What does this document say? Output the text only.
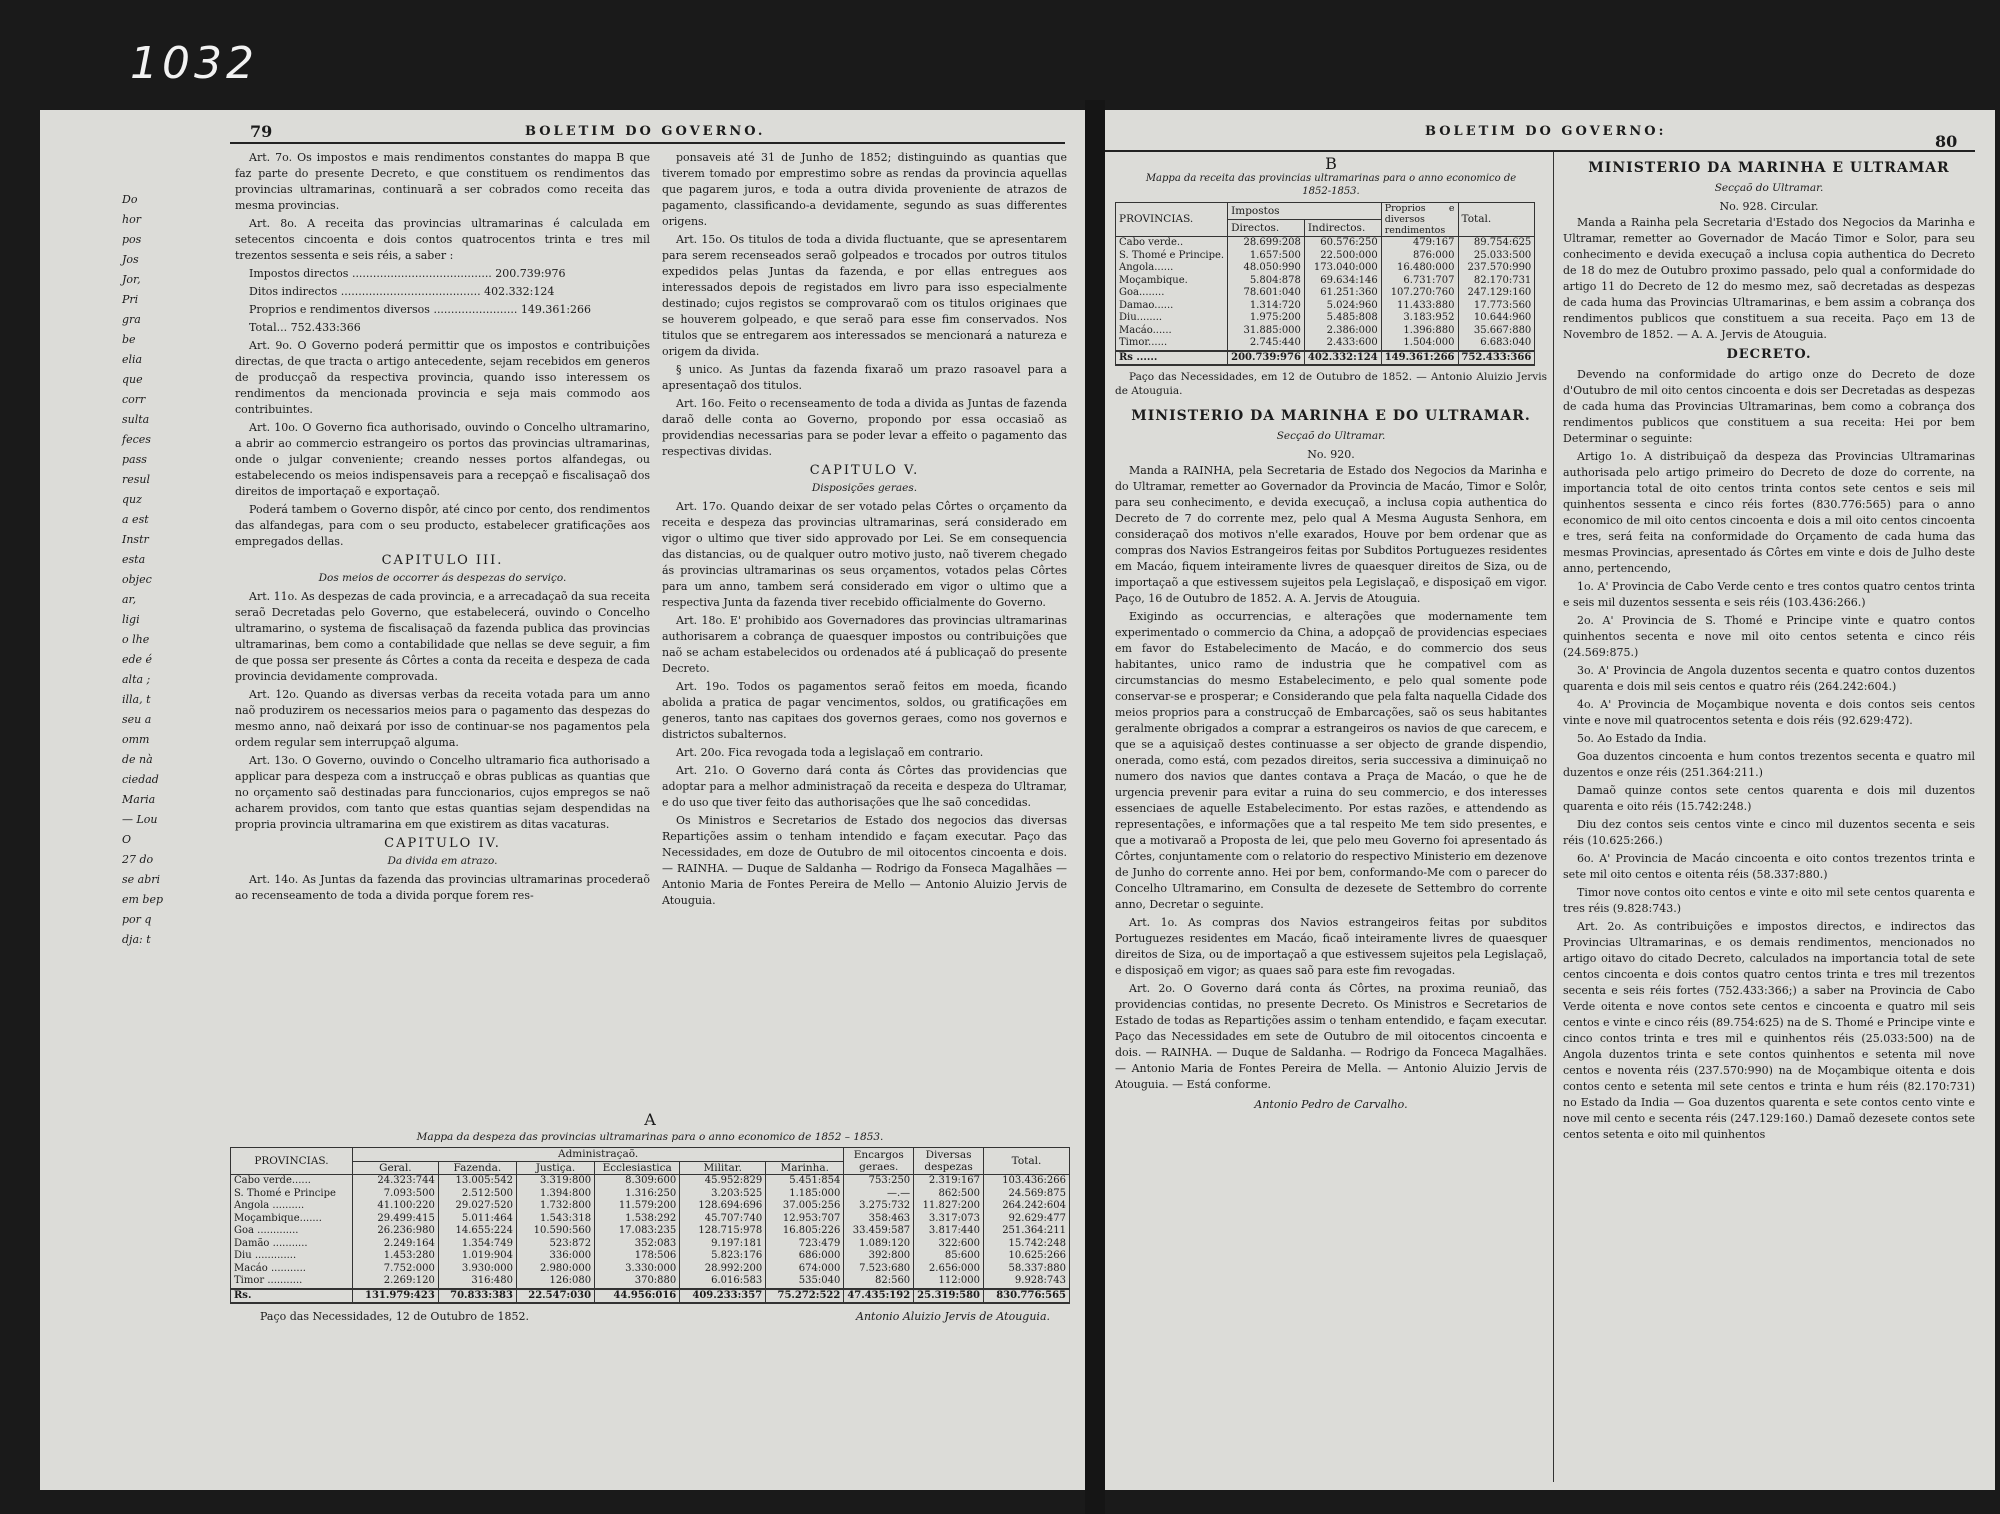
1032
79	BOLETIM DO GOVERNO.
Do
hor
pos
Jos
Jor,
Pri
gra
be
elia
que
corr
sulta
feces
pass
resul
quz
a est
Instr
esta
objec
ar,
ligi
o lhe
ede é
alta ;
illa, t
seu a
omm
de nà
ciedad
Maria
— Lou
O
27 do
se abri
em bep
por q
dja: t

Art. 7o. Os impostos e mais rendimentos constantes do mappa B que faz parte do presente Decreto, e que constituem os rendimentos das provincias ultramarinas, continuarã a ser cobrados como receita das mesma provincias.

Art. 8o. A receita das provincias ultramarinas é calculada em setecentos cincoenta e dois contos quatrocentos trinta e tres mil trezentos sessenta e seis réis, a saber :

Impostos directos ........................................ 200.739:976

Ditos indirectos ........................................ 402.332:124

Proprios e rendimentos diversos ........................ 149.361:266

Total... 752.433:366

Art. 9o. O Governo poderá permittir que os impostos e contribuições directas, de que tracta o artigo antecedente, sejam recebidos em generos de producçaõ da respectiva provincia, quando isso interessem os rendimentos da mencionada provincia e seja mais commodo aos contribuintes.

Art. 10o. O Governo fica authorisado, ouvindo o Concelho ultramarino, a abrir ao commercio estrangeiro os portos das provincias ultramarinas, onde o julgar conveniente; creando nesses portos alfandegas, ou estabelecendo os meios indispensaveis para a recepçaõ e fiscalisaçaõ dos direitos de importaçaõ e exportaçaõ.

Poderá tambem o Governo dispôr, até cinco por cento, dos rendimentos das alfandegas, para com o seu producto, estabelecer gratificações aos empregados dellas.

CAPITULO III.
Dos meios de occorrer ás despezas do serviço.

Art. 11o. As despezas de cada provincia, e a arrecadaçaõ da sua receita seraõ Decretadas pelo Governo, que estabelecerá, ouvindo o Concelho ultramarino, o systema de fiscalisaçaõ da fazenda publica das provincias ultramarinas, bem como a contabilidade que nellas se deve seguir, a fim de que possa ser presente ás Côrtes a conta da receita e despeza de cada provincia devidamente comprovada.

Art. 12o. Quando as diversas verbas da receita votada para um anno naõ produzirem os necessarios meios para o pagamento das despezas do mesmo anno, naõ deixará por isso de continuar-se nos pagamentos pela ordem regular sem interrupçaõ alguma.

Art. 13o. O Governo, ouvindo o Concelho ultramario fica authorisado a applicar para despeza com a instrucçaõ e obras publicas as quantias que no orçamento saõ destinadas para funccionarios, cujos empregos se naõ acharem providos, com tanto que estas quantias sejam despendidas na propria provincia ultramarina em que existirem as ditas vacaturas.

CAPITULO IV.
Da divida em atrazo.

Art. 14o. As Juntas da fazenda das provincias ultramarinas procederaõ ao recenseamento de toda a divida porque forem res-

ponsaveis até 31 de Junho de 1852; distinguindo as quantias que tiverem tomado por emprestimo sobre as rendas da provincia aquellas que pagarem juros, e toda a outra divida proveniente de atrazos de pagamento, classificando-a devidamente, segundo as suas differentes origens.

Art. 15o. Os titulos de toda a divida fluctuante, que se apresentarem para serem recenseados seraõ golpeados e trocados por outros titulos expedidos pelas Juntas da fazenda, e por ellas entregues aos interessados depois de registados em livro para isso especialmente destinado; cujos registos se comprovaraõ com os titulos originaes que se houverem golpeado, e que seraõ para esse fim conservados. Nos titulos que se entregarem aos interessados se mencionará a natureza e origem da divida.

§ unico. As Juntas da fazenda fixaraõ um prazo rasoavel para a apresentaçaõ dos titulos.

Art. 16o. Feito o recenseamento de toda a divida as Juntas de fazenda daraõ delle conta ao Governo, propondo por essa occasiaõ as providendias necessarias para se poder levar a effeito o pagamento das respectivas dividas.

CAPITULO V.
Disposições geraes.

Art. 17o. Quando deixar de ser votado pelas Côrtes o orçamento da receita e despeza das provincias ultramarinas, será considerado em vigor o ultimo que tiver sido approvado por Lei. Se em consequencia das distancias, ou de qualquer outro motivo justo, naõ tiverem chegado ás provincias ultramarinas os seus orçamentos, votados pelas Côrtes para um anno, tambem será considerado em vigor o ultimo que a respectiva Junta da fazenda tiver recebido officialmente do Governo.

Art. 18o. E' prohibido aos Governadores das provincias ultramarinas authorisarem a cobrança de quaesquer impostos ou contribuições que naõ se acham estabelecidos ou ordenados até á publicaçaõ do presente Decreto.

Art. 19o. Todos os pagamentos seraõ feitos em moeda, ficando abolida a pratica de pagar vencimentos, soldos, ou gratificações em generos, tanto nas capitaes dos governos geraes, como nos governos e districtos subalternos.

Art. 20o. Fica revogada toda a legislaçaõ em contrario.

Art. 21o. O Governo dará conta ás Côrtes das providencias que adoptar para a melhor administraçaõ da receita e despeza do Ultramar, e do uso que tiver feito das authorisações que lhe saõ concedidas.

Os Ministros e Secretarios de Estado dos negocios das diversas Repartições assim o tenham intendido e façam executar. Paço das Necessidades, em doze de Outubro de mil oitocentos cincoenta e dois. — RAINHA. — Duque de Saldanha — Rodrigo da Fonseca Magalhães — Antonio Maria de Fontes Pereira de Mello — Antonio Aluizio Jervis de Atouguia.

A
Mappa da despeza das provincias ultramarinas para o anno economico de 1852 – 1853.
PROVINCIAS.	Administraçaõ.						Encargos geraes.	Diversas despezas	Total.
	Geral.	Fazenda.	Justiça.	Ecclesiastica	Militar.	Marinha.			
Cabo verde......	24.323:744	13.005:542	3.319:800	8.309:600	45.952:829	5.451:854	753:250	2.319:167	103.436:266
S. Thomé e Principe	7.093:500	2.512:500	1.394:800	1.316:250	3.203:525	1.185:000	—.—	862:500	24.569:875
Angola ..........	41.100:220	29.027:520	1.732:800	11.579:200	128.694:696	37.005:256	3.275:732	11.827:200	264.242:604
Moçambique.......	29.499:415	5.011:464	1.543:318	1.538:292	45.707:740	12.953:707	358:463	3.317:073	92.629:477
Goa .............	26.236:980	14.655:224	10.590:560	17.083:235	128.715:978	16.805:226	33.459:587	3.817:440	251.364:211
Damão ...........	2.249:164	1.354:749	523:872	352:083	9.197:181	723:479	1.089:120	322:600	15.742:248
Diu .............	1.453:280	1.019:904	336:000	178:506	5.823:176	686:000	392:800	85:600	10.625:266
Macáo ...........	7.752:000	3.930:000	2.980:000	3.330:000	28.992:200	674:000	7.523:680	2.656:000	58.337:880
Timor ...........	2.269:120	316:480	126:080	370:880	6.016:583	535:040	82:560	112:000	9.928:743
Rs.	131.979:423	70.833:383	22.547:030	44.956:016	409.233:357	75.272:522	47.435:192	25.319:580	830.776:565
Paço das Necessidades, 12 de Outubro de 1852.	Antonio Aluizio Jervis de Atouguia.
BOLETIM DO GOVERNO:
80
B
Mappa da receita das provincias ultramarinas para o anno economico de 1852-1853.
PROVINCIAS.	Impostos		Proprios e diversos rendimentos	Total.
	Directos.	Indirectos.		
Cabo verde..	28.699:208	60.576:250	479:167	89.754:625
S. Thomé e Principe.	1.657:500	22.500:000	876:000	25.033:500
Angola......	48.050:990	173.040:000	16.480:000	237.570:990
Moçambique.	5.804:878	69.634:146	6.731:707	82.170:731
Goa........	78.601:040	61.251:360	107.270:760	247.129:160
Damao......	1.314:720	5.024:960	11.433:880	17.773:560
Diu........	1.975:200	5.485:808	3.183:952	10.644:960
Macáo......	31.885:000	2.386:000	1.396:880	35.667:880
Timor......	2.745:440	2.433:600	1.504:000	6.683:040
Rs ......	200.739:976	402.332:124	149.361:266	752.433:366
Paço das Necessidades, em 12 de Outubro de 1852. — Antonio Aluizio Jervis de Atouguia.
MINISTERIO DA MARINHA E DO ULTRAMAR.
Secçaõ do Ultramar.
No. 920.

Manda a RAINHA, pela Secretaria de Estado dos Negocios da Marinha e do Ultramar, remetter ao Governador da Provincia de Macáo, Timor e Solôr, para seu conhecimento, e devida execuçaõ, a inclusa copia authentica do Decreto de 7 do corrente mez, pelo qual A Mesma Augusta Senhora, em consideraçaõ dos motivos n'elle exarados, Houve por bem ordenar que as compras dos Navios Estrangeiros feitas por Subditos Portuguezes residentes em Macáo, fiquem inteiramente livres de quaesquer direitos de Siza, ou de importaçaõ a que estivessem sujeitos pela Legislaçaõ, e disposiçaõ em vigor. Paço, 16 de Outubro de 1852. A. A. Jervis de Atouguia.

Exigindo as occurrencias, e alterações que modernamente tem experimentado o commercio da China, a adopçaõ de providencias especiaes em favor do Estabelecimento de Macáo, e do commercio dos seus habitantes, unico ramo de industria que he compativel com as circumstancias do mesmo Estabelecimento, e pelo qual somente pode conservar-se e prosperar; e Considerando que pela falta naquella Cidade dos meios proprios para a construcçaõ de Embarcações, saõ os seus habitantes geralmente obrigados a comprar a estrangeiros os navios de que carecem, e que se a aquisiçaõ destes continuasse a ser objecto de grande dispendio, onerada, como está, com pezados direitos, seria successiva a diminuiçaõ no numero dos navios que dantes contava a Praça de Macáo, o que he de urgencia prevenir para evitar a ruina do seu commercio, e dos interesses essenciaes de aquelle Estabelecimento. Por estas razões, e attendendo as representações, e informações que a tal respeito Me tem sido presentes, e que a motivaraõ a Proposta de lei, que pelo meu Governo foi apresentado ás Côrtes, conjuntamente com o relatorio do respectivo Ministerio em dezenove de Junho do corrente anno. Hei por bem, conformando-Me com o parecer do Concelho Ultramarino, em Consulta de dezesete de Settembro do corrente anno, Decretar o seguinte.

Art. 1o. As compras dos Navios estrangeiros feitas por subditos Portuguezes residentes em Macáo, ficaõ inteiramente livres de quaesquer direitos de Siza, ou de importaçaõ a que estivessem sujeitos pela Legislaçaõ, e disposiçaõ em vigor; as quaes saõ para este fim revogadas.

Art. 2o. O Governo dará conta ás Côrtes, na proxima reuniaõ, das providencias contidas, no presente Decreto. Os Ministros e Secretarios de Estado de todas as Repartições assim o tenham entendido, e façam executar. Paço das Necessidades em sete de Outubro de mil oitocentos cincoenta e dois. — RAINHA. — Duque de Saldanha. — Rodrigo da Fonceca Magalhães. — Antonio Maria de Fontes Pereira de Mella. — Antonio Aluizio Jervis de Atouguia. — Está conforme.

Antonio Pedro de Carvalho.
MINISTERIO DA MARINHA E ULTRAMAR
Secçaõ do Ultramar.
No. 928. Circular.

Manda a Rainha pela Secretaria d'Estado dos Negocios da Marinha e Ultramar, remetter ao Governador de Macáo Timor e Solor, para seu conhecimento e devida execuçaõ a inclusa copia authentica do Decreto de 18 do mez de Outubro proximo passado, pelo qual a conformidade do artigo 11 do Decreto de 12 do mesmo mez, saõ decretadas as despezas de cada huma das Provincias Ultramarinas, e bem assim a cobrança dos rendimentos publicos que constituem a sua receita. Paço em 13 de Novembro de 1852. — A. A. Jervis de Atouguia.

DECRETO.

Devendo na conformidade do artigo onze do Decreto de doze d'Outubro de mil oito centos cincoenta e dois ser Decretadas as despezas de cada huma das Provincias Ultramarinas, bem como a cobrança dos rendimentos publicos que constituem a sua receita: Hei por bem Determinar o seguinte:

Artigo 1o. A distribuiçaõ da despeza das Provincias Ultramarinas authorisada pelo artigo primeiro do Decreto de doze do corrente, na importancia total de oito centos trinta contos sete centos e seis mil quinhentos sessenta e cinco réis fortes (830.776:565) para o anno economico de mil oito centos cincoenta e dois a mil oito centos cincoenta e tres, será feita na conformidade do Orçamento de cada huma das mesmas Provincias, apresentado ás Côrtes em vinte e dois de Julho deste anno, pertencendo,

1o. A' Provincia de Cabo Verde cento e tres contos quatro centos trinta e seis mil duzentos sessenta e seis réis (103.436:266.)

2o. A' Provincia de S. Thomé e Principe vinte e quatro contos quinhentos secenta e nove mil oito centos setenta e cinco réis (24.569:875.)

3o. A' Provincia de Angola duzentos secenta e quatro contos duzentos quarenta e dois mil seis centos e quatro réis (264.242:604.)

4o. A' Provincia de Moçambique noventa e dois contos seis centos vinte e nove mil quatrocentos setenta e dois réis (92.629:472).

5o. Ao Estado da India.

Goa duzentos cincoenta e hum contos trezentos secenta e quatro mil duzentos e onze réis (251.364:211.)

Damaõ quinze contos sete centos quarenta e dois mil duzentos quarenta e oito réis (15.742:248.)

Diu dez contos seis centos vinte e cinco mil duzentos secenta e seis réis (10.625:266.)

6o. A' Provincia de Macáo cincoenta e oito contos trezentos trinta e sete mil oito centos e oitenta réis (58.337:880.)

Timor nove contos oito centos e vinte e oito mil sete centos quarenta e tres réis (9.828:743.)

Art. 2o. As contribuições e impostos directos, e indirectos das Provincias Ultramarinas, e os demais rendimentos, mencionados no artigo oitavo do citado Decreto, calculados na importancia total de sete centos cincoenta e dois contos quatro centos trinta e tres mil trezentos secenta e seis réis fortes (752.433:366;) a saber na Provincia de Cabo Verde oitenta e nove contos sete centos e cincoenta e quatro mil seis centos e vinte e cinco réis (89.754:625) na de S. Thomé e Principe vinte e cinco contos trinta e tres mil e quinhentos réis (25.033:500) na de Angola duzentos trinta e sete contos quinhentos e setenta mil nove centos e noventa réis (237.570:990) na de Moçambique oitenta e dois contos cento e setenta mil sete centos e trinta e hum réis (82.170:731) no Estado da India — Goa duzentos quarenta e sete contos cento vinte e nove mil cento e secenta réis (247.129:160.) Damaõ dezesete contos sete centos setenta e oito mil quinhentos
